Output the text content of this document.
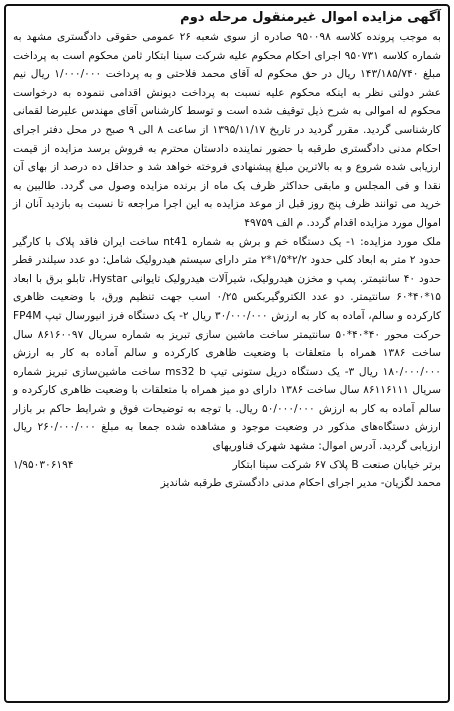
آگهی مزایده اموال غیرمنقول مرحله دوم

به موجب پرونده کلاسه ۹۵۰۰۹۸ صادره از سوی شعبه ۲۶ عمومی حقوقی دادگستری مشهد به شماره کلاسه ۹۵۰۷۳۱ اجرای احکام محکوم علیه شرکت سینا ابتکار ثامن محکوم است به پرداخت مبلغ ۱۴۳/۱۸۵/۷۴۰ ریال در حق محکوم له آقای محمد فلاحتی و به پرداخت ۱/۰۰۰/۰۰۰ ریال نیم عشر دولتی نظر به اینکه محکوم علیه نسبت به پرداخت دیونش اقدامی ننموده به درخواست محکوم له اموالی به شرح ذیل توقیف شده است و توسط کارشناس آقای مهندس علیرضا لقمانی کارشناسی گردید. مقرر گردید در تاریخ ۱۳۹۵/۱۱/۱۷ از ساعت ۸ الی ۹ صبح در محل دفتر اجرای احکام مدنی دادگستری طرقبه با حضور نماینده دادستان محترم به فروش برسد مزایده از قیمت ارزیابی شده شروع و به بالاترین مبلغ پیشنهادی فروخته خواهد شد و حداقل ده درصد از بهای آن نقدا و فی المجلس و مابقی حداکثر ظرف یک ماه از برنده مزایده وصول می گردد. طالبین به خرید می توانند ظرف پنج روز قبل از موعد مزایده به این اجرا مراجعه تا نسبت به بازدید آنان از اموال مورد مزایده اقدام گردد. م الف ۴۹۷۵۹

ملک مورد مزایده: ۱- یک دستگاه خم و برش به شماره nt41 ساخت ایران فاقد پلاک با کارگیر حدود ۲ متر به ابعاد کلی حدود ۲/۲*۱/۵*۲ متر دارای سیستم هیدرولیک شامل: دو عدد سیلندر قطر حدود ۴۰ سانتیمتر. پمپ و مخزن هیدرولیک، شیرآلات هیدرولیک تایوانی Hystar، تابلو برق با ابعاد ۱۵*۴۰*۶۰ سانتیمتر. دو عدد الکتروگیربکس ۰/۲۵ اسب جهت تنظیم ورق، با وضعیت ظاهری کارکرده و سالم، آماده به کار به ارزش ۳۰/۰۰۰/۰۰۰ ریال ۲- یک دستگاه فرز انیورسال تیپ FP4M حرکت محور ۴۰*۴۰*۵۰ سانتیمتر ساخت ماشین سازی تبریز به شماره سریال ۸۶۱۶۰۰۹۷ سال ساخت ۱۳۸۶ همراه با متعلقات با وضعیت ظاهری کارکرده و سالم آماده به کار به ارزش ۱۸۰/۰۰۰/۰۰۰ ریال ۳- یک دستگاه دریل ستونی تیپ ms32 b ساخت ماشین‌سازی تبریز شماره سریال ۸۶۱۱۶۱۱۱ سال ساخت ۱۳۸۶ دارای دو میز همراه با متعلقات با وضعیت ظاهری کارکرده و سالم آماده به کار به ارزش ۵۰/۰۰۰/۰۰۰ ریال. با توجه به توضیحات فوق و شرایط حاکم بر بازار ارزش دستگاه‌های مذکور در وضعیت موجود و مشاهده شده جمعا به مبلغ ۲۶۰/۰۰۰/۰۰۰ ریال ارزیابی گردید. آدرس اموال: مشهد شهرک فناوریهای

برتر خیابان صنعت B پلاک ۶۷ شرکت سینا ابتکار
۱/۹۵۰۳۰۶۱۹۴

محمد لگزیان- مدیر اجرای احکام مدنی دادگستری طرقبه شاندیز
